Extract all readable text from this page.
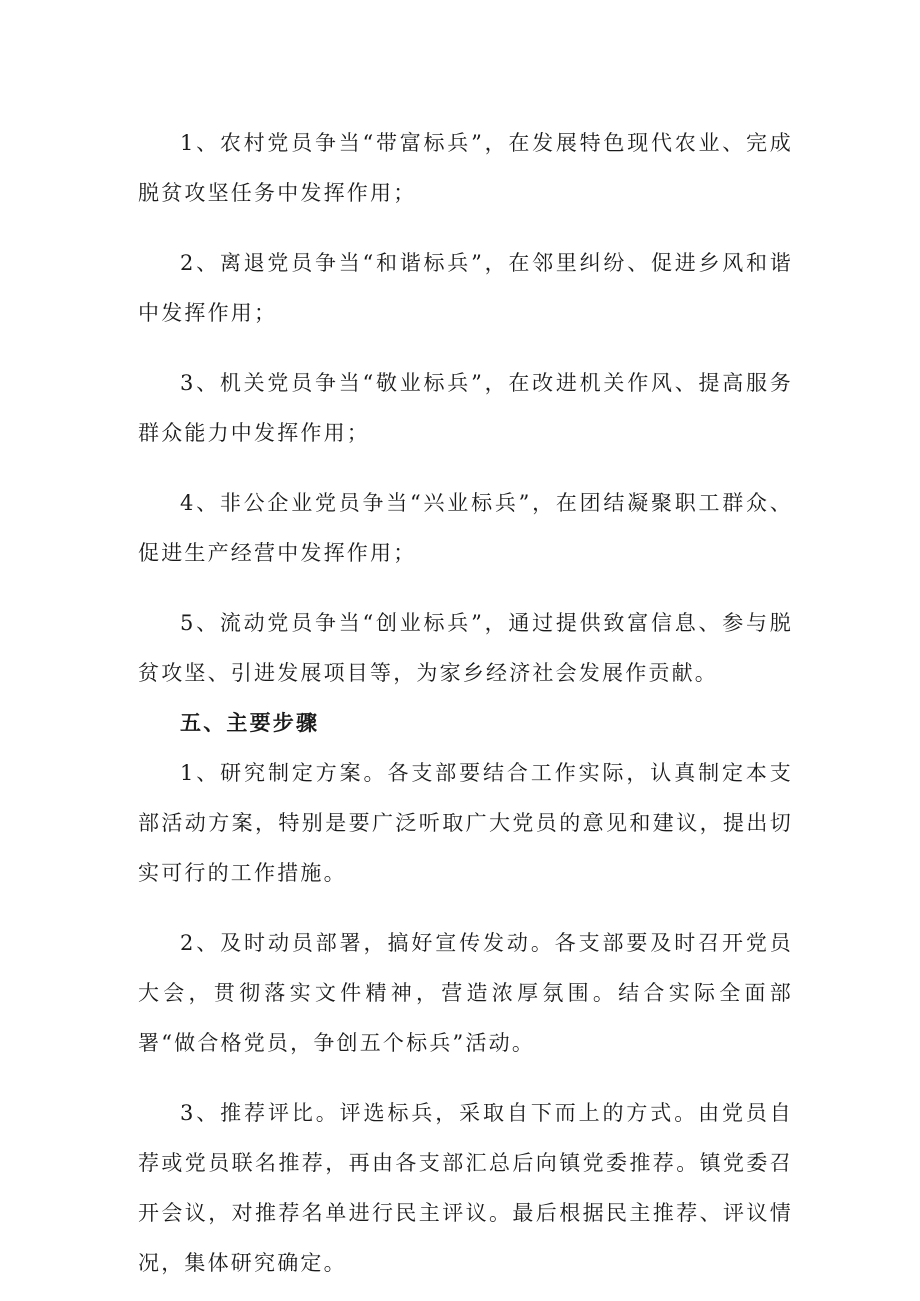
1、农村党员争当“带富标兵”，在发展特色现代农业、完成脱贫攻坚任务中发挥作用；

2、离退党员争当“和谐标兵”，在邻里纠纷、促进乡风和谐中发挥作用；

3、机关党员争当“敬业标兵”，在改进机关作风、提高服务群众能力中发挥作用；

4、非公企业党员争当“兴业标兵”，在团结凝聚职工群众、促进生产经营中发挥作用；

5、流动党员争当“创业标兵”，通过提供致富信息、参与脱贫攻坚、引进发展项目等，为家乡经济社会发展作贡献。

五、主要步骤

1、研究制定方案。各支部要结合工作实际，认真制定本支部活动方案，特别是要广泛听取广大党员的意见和建议，提出切实可行的工作措施。

2、及时动员部署，搞好宣传发动。各支部要及时召开党员大会，贯彻落实文件精神，营造浓厚氛围。结合实际全面部署“做合格党员，争创五个标兵”活动。

3、推荐评比。评选标兵，采取自下而上的方式。由党员自荐或党员联名推荐，再由各支部汇总后向镇党委推荐。镇党委召开会议，对推荐名单进行民主评议。最后根据民主推荐、评议情况，集体研究确定。
